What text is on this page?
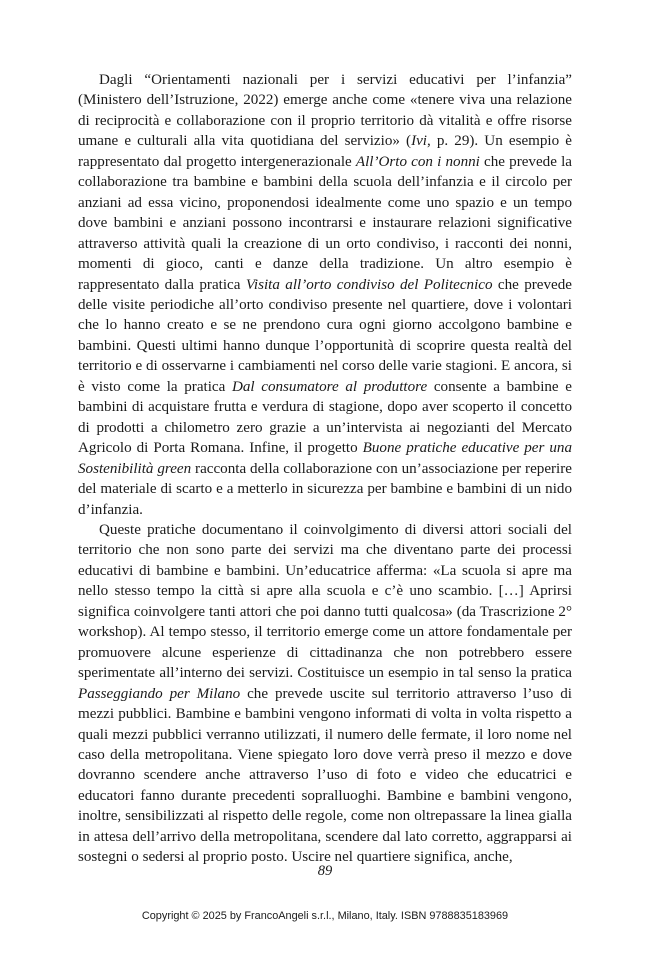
Dagli “Orientamenti nazionali per i servizi educativi per l’infanzia” (Ministero dell’Istruzione, 2022) emerge anche come «tenere viva una relazione di reciprocità e collaborazione con il proprio territorio dà vitalità e offre risorse umane e culturali alla vita quotidiana del servizio» (Ivi, p. 29). Un esempio è rappresentato dal progetto intergenerazionale All’Orto con i nonni che prevede la collaborazione tra bambine e bambini della scuola dell’infanzia e il circolo per anziani ad essa vicino, proponendosi idealmente come uno spazio e un tempo dove bambini e anziani possono incontrarsi e instaurare relazioni significative attraverso attività quali la creazione di un orto condiviso, i racconti dei nonni, momenti di gioco, canti e danze della tradizione. Un altro esempio è rappresentato dalla pratica Visita all’orto condiviso del Politecnico che prevede delle visite periodiche all’orto condiviso presente nel quartiere, dove i volontari che lo hanno creato e se ne prendono cura ogni giorno accolgono bambine e bambini. Questi ultimi hanno dunque l’opportunità di scoprire questa realtà del territorio e di osservarne i cambiamenti nel corso delle varie stagioni. E ancora, si è visto come la pratica Dal consumatore al produttore consente a bambine e bambini di acquistare frutta e verdura di stagione, dopo aver scoperto il concetto di prodotti a chilometro zero grazie a un’intervista ai negozianti del Mercato Agricolo di Porta Romana. Infine, il progetto Buone pratiche educative per una Sostenibilità green racconta della collaborazione con un’associazione per reperire del materiale di scarto e a metterlo in sicurezza per bambine e bambini di un nido d’infanzia.

Queste pratiche documentano il coinvolgimento di diversi attori sociali del territorio che non sono parte dei servizi ma che diventano parte dei processi educativi di bambine e bambini. Un’educatrice afferma: «La scuola si apre ma nello stesso tempo la città si apre alla scuola e c’è uno scambio. […] Aprirsi significa coinvolgere tanti attori che poi danno tutti qualcosa» (da Trascrizione 2° workshop). Al tempo stesso, il territorio emerge come un attore fondamentale per promuovere alcune esperienze di cittadinanza che non potrebbero essere sperimentate all’interno dei servizi. Costituisce un esempio in tal senso la pratica Passeggiando per Milano che prevede uscite sul territorio attraverso l’uso di mezzi pubblici. Bambine e bambini vengono informati di volta in volta rispetto a quali mezzi pubblici verranno utilizzati, il numero delle fermate, il loro nome nel caso della metropolitana. Viene spiegato loro dove verrà preso il mezzo e dove dovranno scendere anche attraverso l’uso di foto e video che educatrici e educatori fanno durante precedenti sopralluoghi. Bambine e bambini vengono, inoltre, sensibilizzati al rispetto delle regole, come non oltrepassare la linea gialla in attesa dell’arrivo della metropolitana, scendere dal lato corretto, aggrapparsi ai sostegni o sedersi al proprio posto. Uscire nel quartiere significa, anche,

89
Copyright © 2025 by FrancoAngeli s.r.l., Milano, Italy. ISBN 9788835183969
